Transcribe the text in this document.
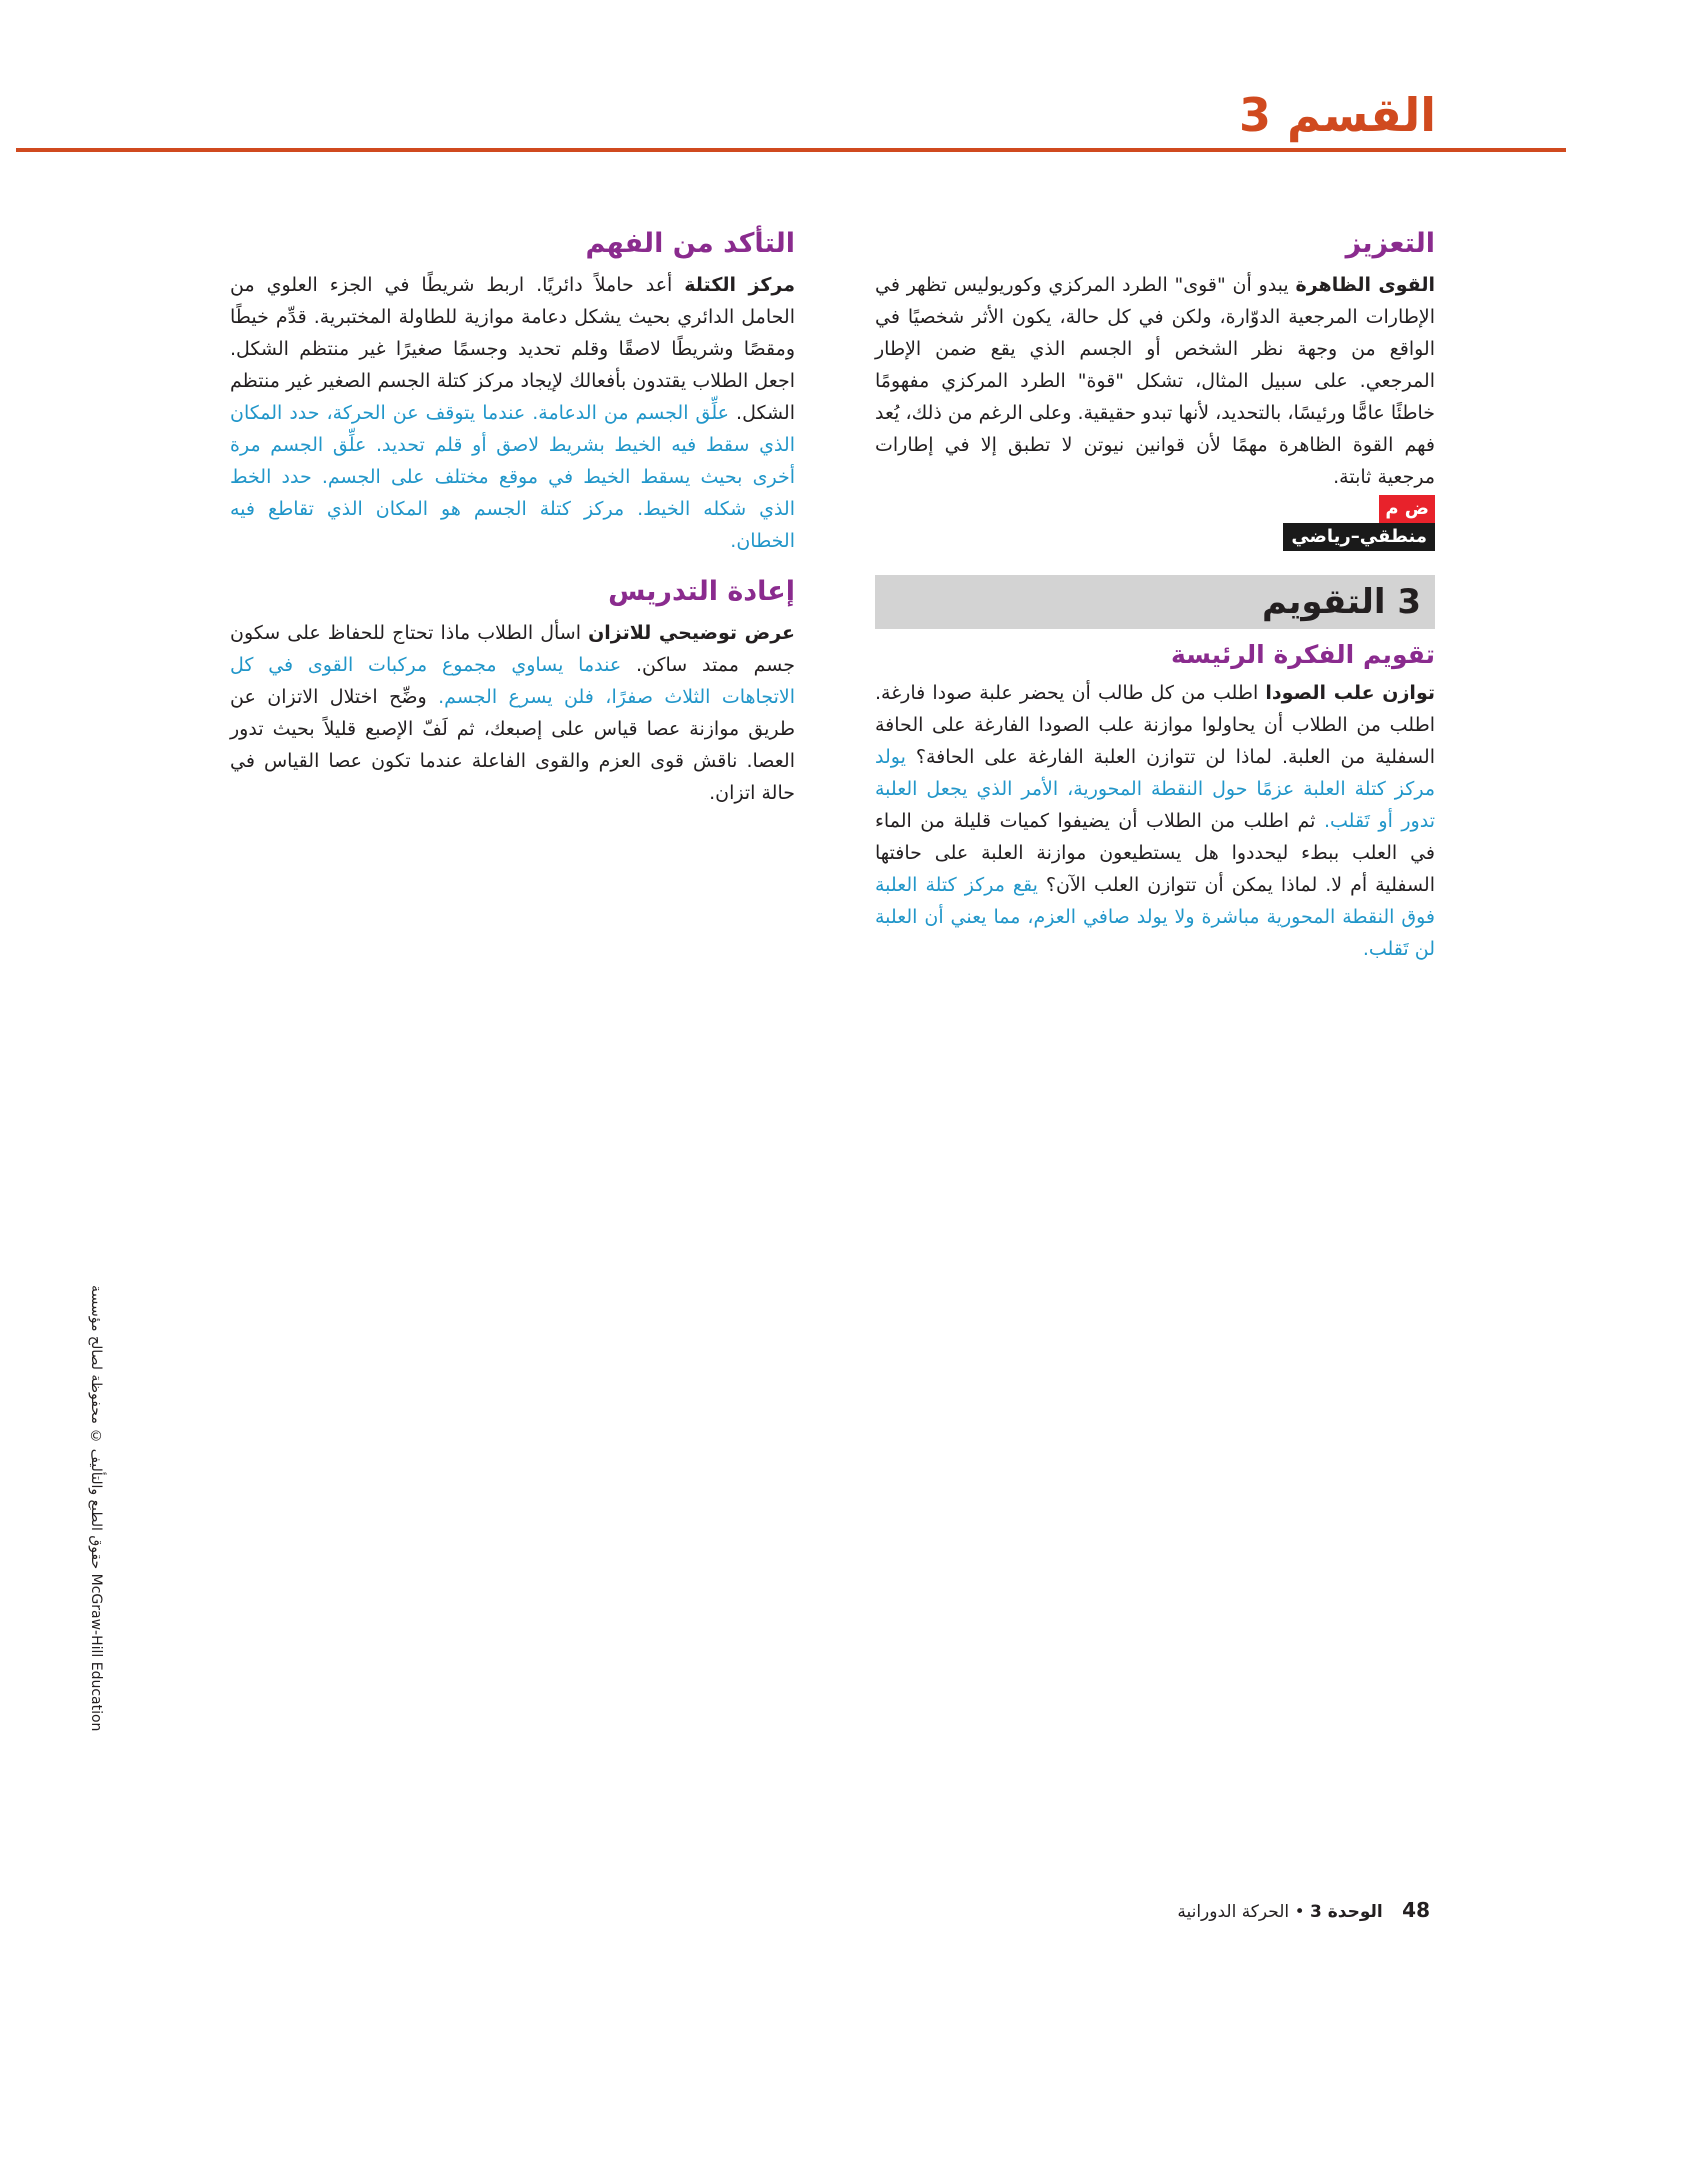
القسم 3
التعزيز

القوى الظاهرة يبدو أن "قوى" الطرد المركزي وكوريوليس تظهر في الإطارات المرجعية الدوّارة، ولكن في كل حالة، يكون الأثر شخصيًا في الواقع من وجهة نظر الشخص أو الجسم الذي يقع ضمن الإطار المرجعي. على سبيل المثال، تشكل "قوة" الطرد المركزي مفهومًا خاطئًا عامًّا ورئيسًا، بالتحديد، لأنها تبدو حقيقية. وعلى الرغم من ذلك، يُعد فهم القوة الظاهرة مهمًا لأن قوانين نيوتن لا تطبق إلا في إطارات مرجعية ثابتة.

ض م
منطقي–رياضي
3 التقويم
تقويم الفكرة الرئيسة

توازن علب الصودا اطلب من كل طالب أن يحضر علبة صودا فارغة. اطلب من الطلاب أن يحاولوا موازنة علب الصودا الفارغة على الحافة السفلية من العلبة. لماذا لن تتوازن العلبة الفارغة على الحافة؟ يولد مركز كتلة العلبة عزمًا حول النقطة المحورية، الأمر الذي يجعل العلبة تدور أو تَقلب. ثم اطلب من الطلاب أن يضيفوا كميات قليلة من الماء في العلب ببطء ليحددوا هل يستطيعون موازنة العلبة على حافتها السفلية أم لا. لماذا يمكن أن تتوازن العلب الآن؟ يقع مركز كتلة العلبة فوق النقطة المحورية مباشرة ولا يولد صافي العزم، مما يعني أن العلبة لن تَقلب.

التأكد من الفهم

مركز الكتلة أعد حاملاً دائريًا. اربط شريطًا في الجزء العلوي من الحامل الدائري بحيث يشكل دعامة موازية للطاولة المختبرية. قدِّم خيطًا ومقصًا وشريطًا لاصقًا وقلم تحديد وجسمًا صغيرًا غير منتظم الشكل. اجعل الطلاب يقتدون بأفعالك لإيجاد مركز كتلة الجسم الصغير غير منتظم الشكل. علِّق الجسم من الدعامة. عندما يتوقف عن الحركة، حدد المكان الذي سقط فيه الخيط بشريط لاصق أو قلم تحديد. علِّق الجسم مرة أخرى بحيث يسقط الخيط في موقع مختلف على الجسم. حدد الخط الذي شكله الخيط. مركز كتلة الجسم هو المكان الذي تقاطع فيه الخطان.

إعادة التدريس

عرض توضيحي للاتزان اسأل الطلاب ماذا تحتاج للحفاظ على سكون جسم ممتد ساكن. عندما يساوي مجموع مركبات القوى في كل الاتجاهات الثلاث صفرًا، فلن يسرع الجسم. وضِّح اختلال الاتزان عن طريق موازنة عصا قياس على إصبعك، ثم لَفّ الإصبع قليلاً بحيث تدور العصا. ناقش قوى العزم والقوى الفاعلة عندما تكون عصا القياس في حالة اتزان.

48 الوحدة 3 • الحركة الدورانية
حقوق الطبع والتأليف © محفوظة لصالح مؤسسة McGraw-Hill Education
